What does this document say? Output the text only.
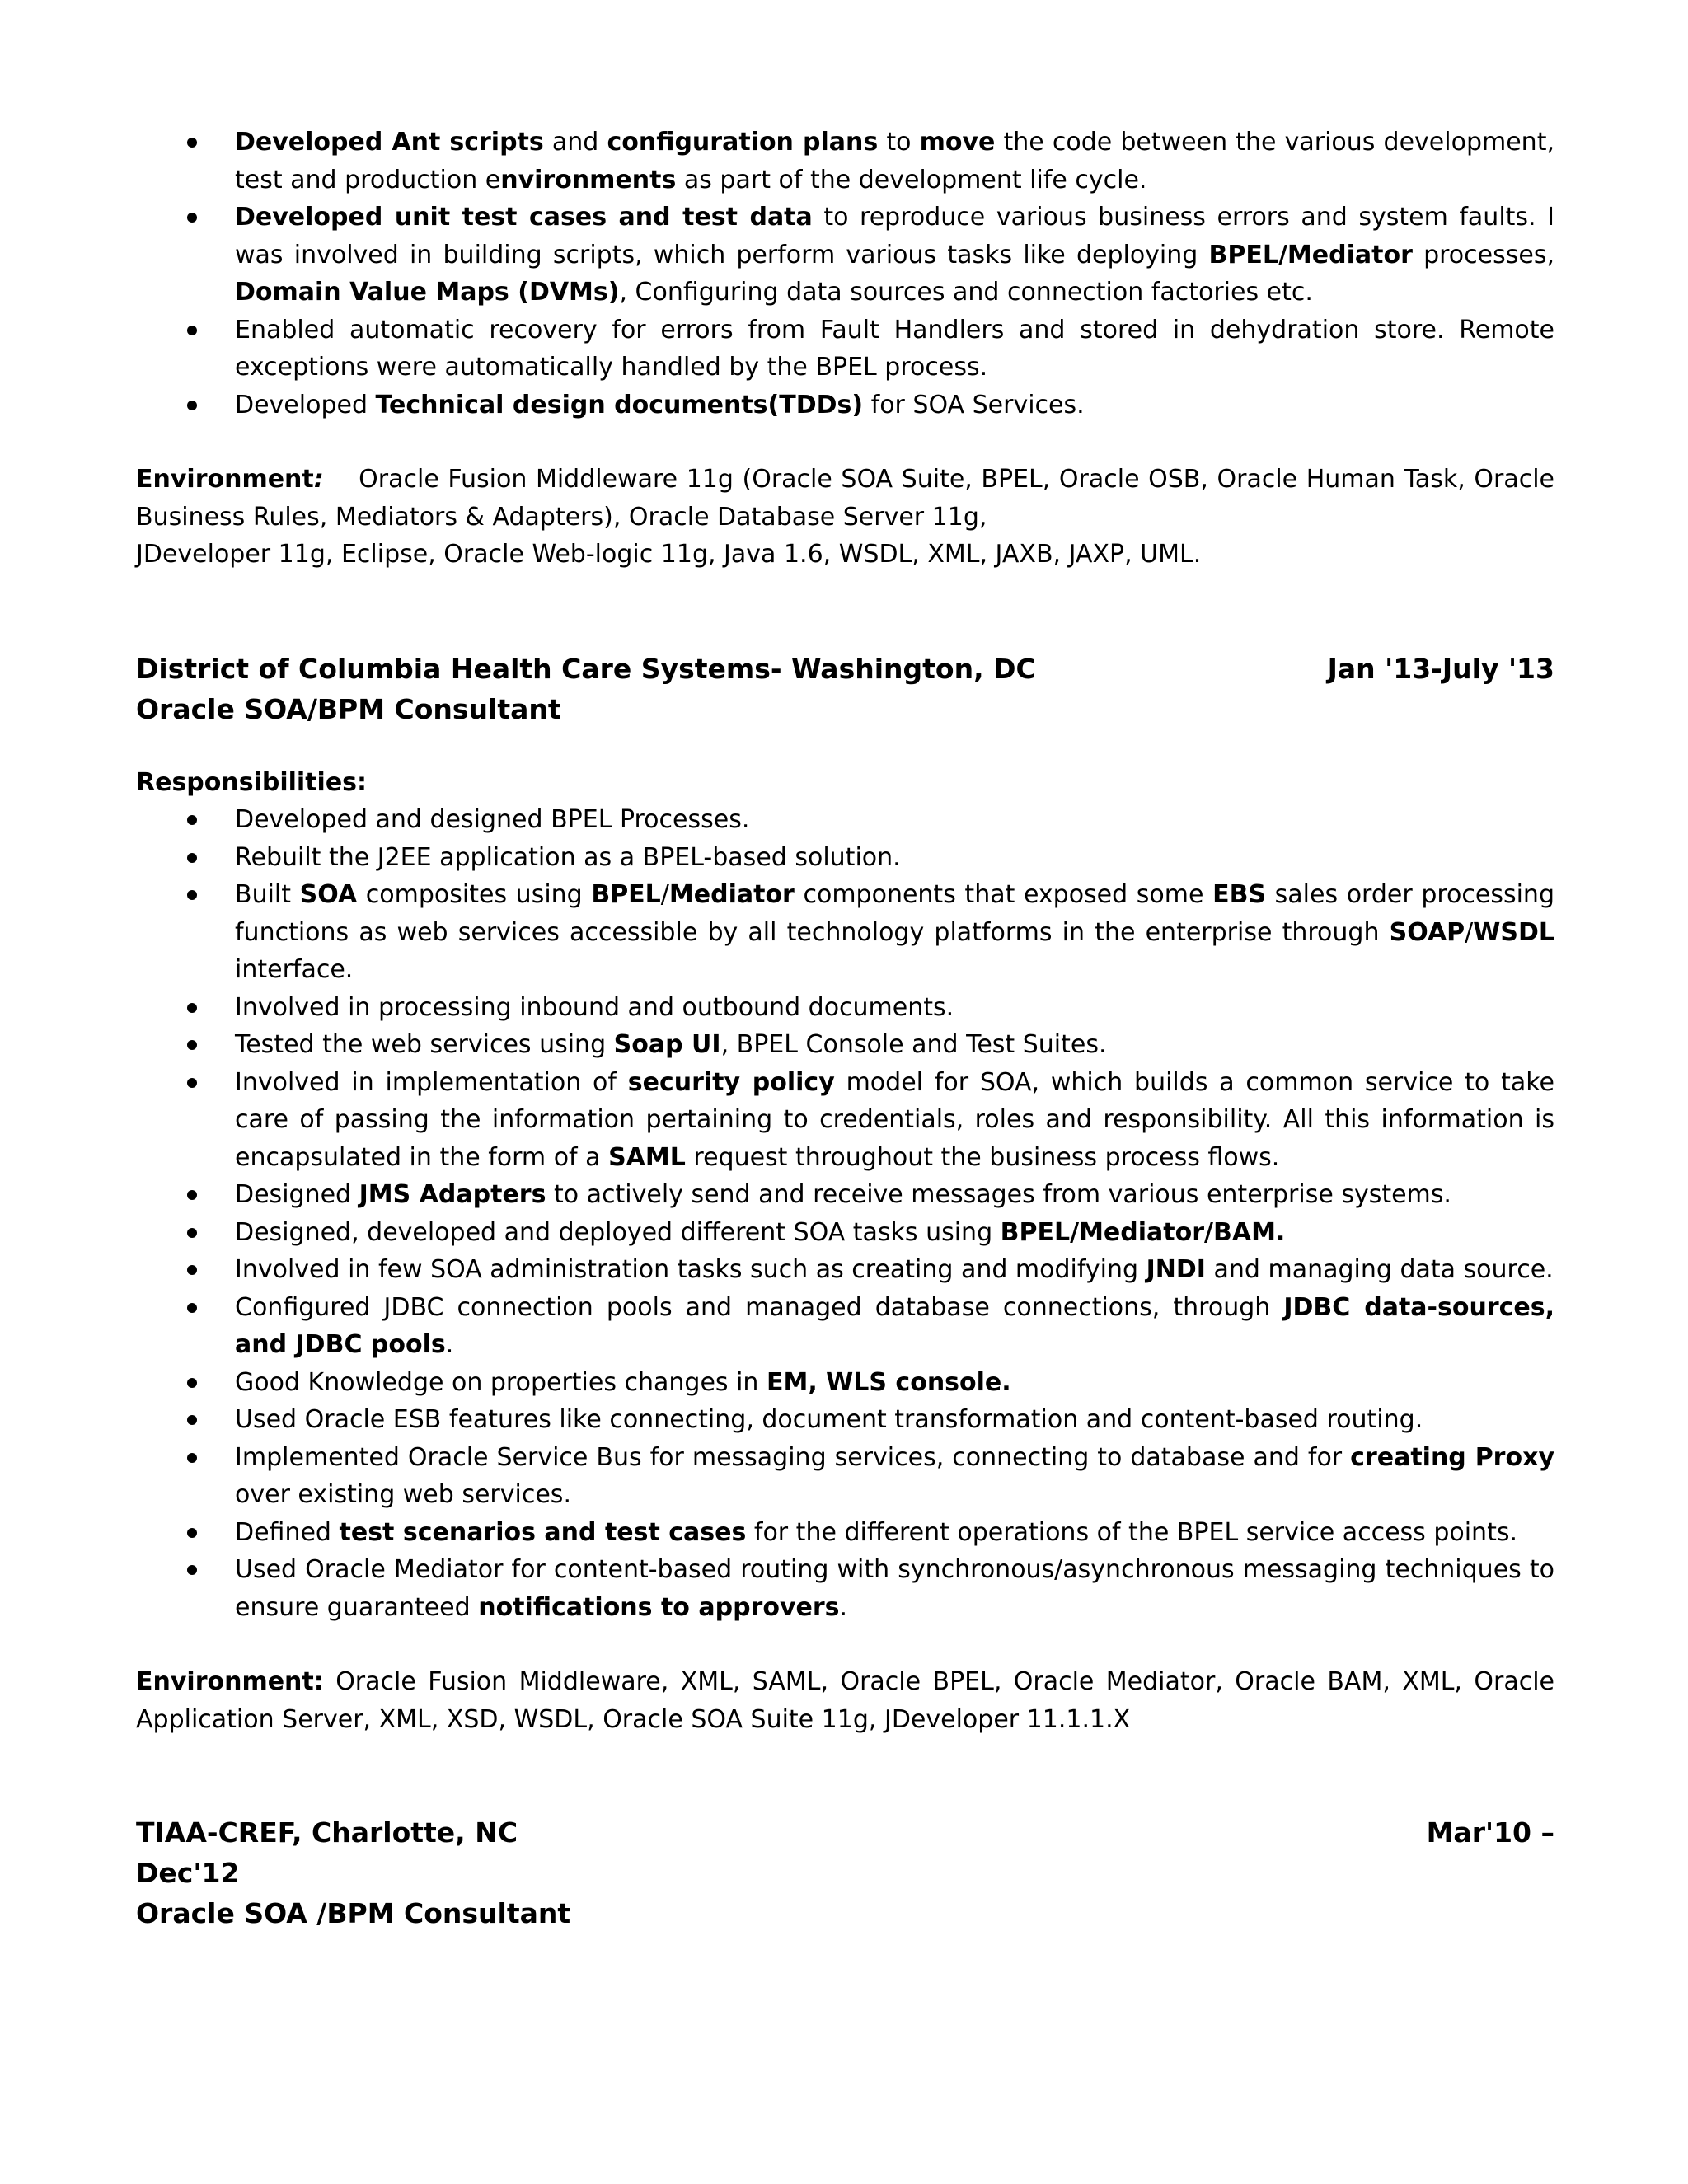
Developed Ant scripts and configuration plans to move the code between the various development, test and production environments as part of the development life cycle.
Developed unit test cases and test data to reproduce various business errors and system faults. I was involved in building scripts, which perform various tasks like deploying BPEL/Mediator processes, Domain Value Maps (DVMs), Configuring data sources and connection factories etc.
Enabled automatic recovery for errors from Fault Handlers and stored in dehydration store. Remote exceptions were automatically handled by the BPEL process.
Developed Technical design documents(TDDs) for SOA Services.

Environment: Oracle Fusion Middleware 11g (Oracle SOA Suite, BPEL, Oracle OSB, Oracle Human Task, Oracle Business Rules, Mediators & Adapters), Oracle Database Server 11g,

JDeveloper 11g, Eclipse, Oracle Web-logic 11g, Java 1.6, WSDL, XML, JAXB, JAXP, UML.

District of Columbia Health Care Systems- Washington, DC	Jan '13-July '13
Oracle SOA/BPM Consultant

Responsibilities:

Developed and designed BPEL Processes.
Rebuilt the J2EE application as a BPEL-based solution.
Built SOA composites using BPEL/Mediator components that exposed some EBS sales order processing functions as web services accessible by all technology platforms in the enterprise through SOAP/WSDL interface.
Involved in processing inbound and outbound documents.
Tested the web services using Soap UI, BPEL Console and Test Suites.
Involved in implementation of security policy model for SOA, which builds a common service to take care of passing the information pertaining to credentials, roles and responsibility. All this information is encapsulated in the form of a SAML request throughout the business process flows.
Designed JMS Adapters to actively send and receive messages from various enterprise systems.
Designed, developed and deployed different SOA tasks using BPEL/Mediator/BAM.
Involved in few SOA administration tasks such as creating and modifying JNDI and managing data source.
Configured JDBC connection pools and managed database connections, through JDBC data-sources, and JDBC pools.
Good Knowledge on properties changes in EM, WLS console.
Used Oracle ESB features like connecting, document transformation and content-based routing.
Implemented Oracle Service Bus for messaging services, connecting to database and for creating Proxy over existing web services.
Defined test scenarios and test cases for the different operations of the BPEL service access points.
Used Oracle Mediator for content-based routing with synchronous/asynchronous messaging techniques to ensure guaranteed notifications to approvers.

Environment: Oracle Fusion Middleware, XML, SAML, Oracle BPEL, Oracle Mediator, Oracle BAM, XML, Oracle Application Server, XML, XSD, WSDL, Oracle SOA Suite 11g, JDeveloper 11.1.1.X

TIAA-CREF, Charlotte, NC	Mar'10 –
Dec'12
Oracle SOA /BPM Consultant
